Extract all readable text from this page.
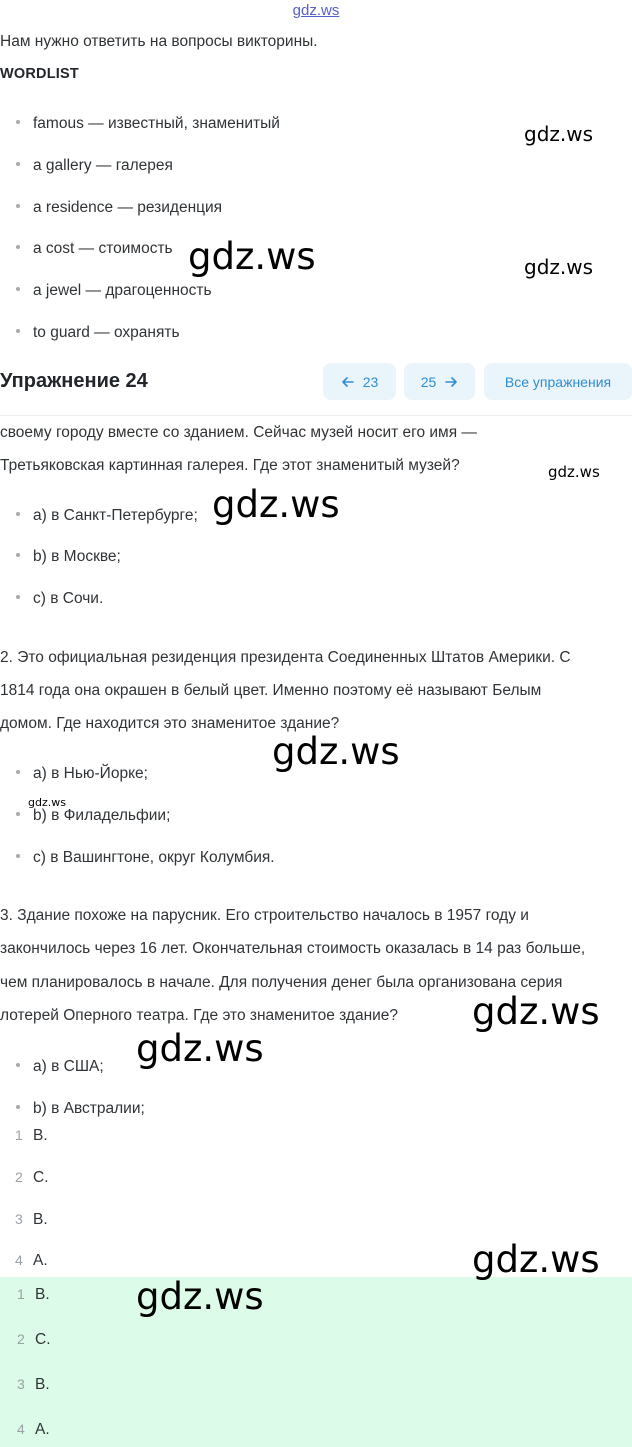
gdz.ws
Нам нужно ответить на вопросы викторины.
WORDLIST
famous — известный, знаменитый
a gallery — галерея
a residence — резиденция
a cost — стоимость
a jewel — драгоценность
to guard — охранять
Упражнение 24	23	25	Все упражнения
своему городу вместе со зданием. Сейчас музей носит его имя —
Третьяковская картинная галерея. Где этот знаменитый музей?
a) в Санкт-Петербурге;
b) в Москве;
c) в Сочи.
2. Это официальная резиденция президента Соединенных Штатов Америки. С
1814 года она окрашен в белый цвет. Именно поэтому её называют Белым
домом. Где находится это знаменитое здание?
a) в Нью-Йорке;
b) в Филадельфии;
c) в Вашингтоне, округ Колумбия.
3. Здание похоже на парусник. Его строительство началось в 1957 году и
закончилось через 16 лет. Окончательная стоимость оказалась в 14 раз больше,
чем планировалось в начале. Для получения денег была организована серия
лотерей Оперного театра. Где это знаменитое здание?
a) в США;
b) в Австралии;
1 B.
2 C.
3 B.
4 A.
1 B.
2 C.
3 B.
4 A.
gdz.ws
gdz.ws	gdz.ws
gdz.ws
gdz.ws
gdz.ws
gdz.ws
gdz.ws
gdz.ws
gdz.ws
gdz.ws
